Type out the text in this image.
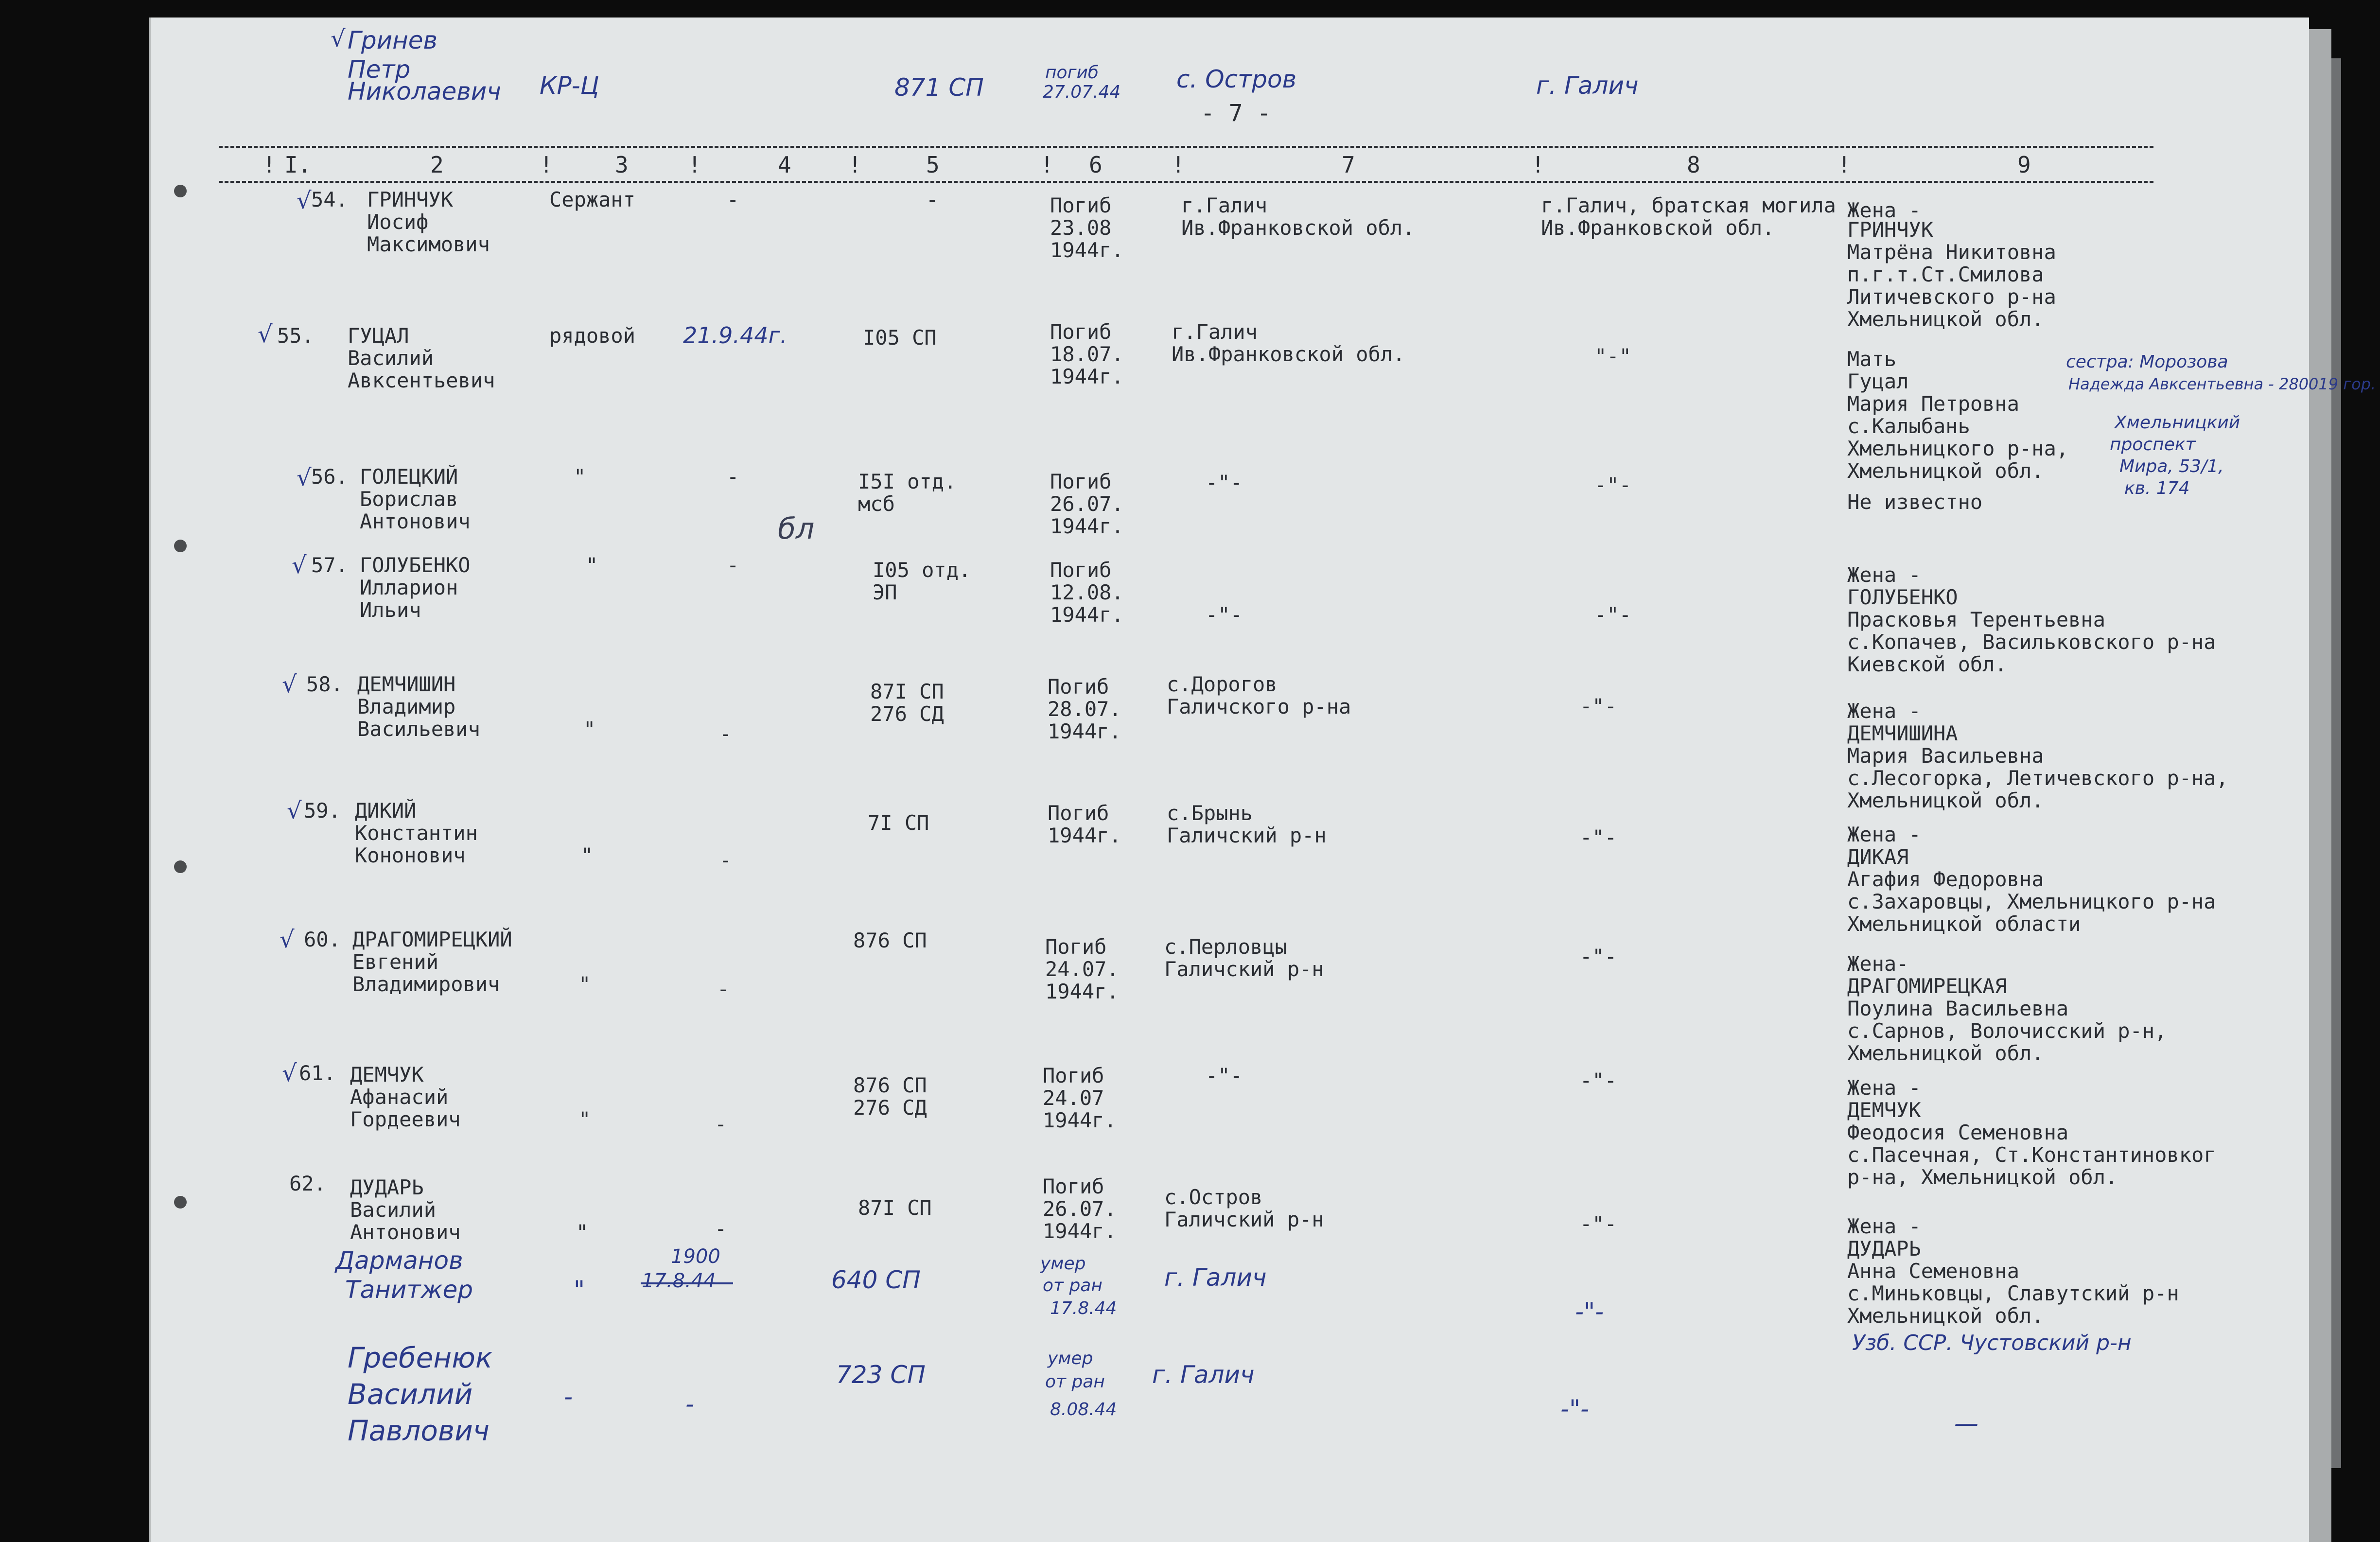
бл
√ Гринев
Петр
Николаевич КР-Ц	871 СП
погиб
27.07.44 с. Остров	г. Галич
- 7 -
! I.	2	!	3	!	4	!	5	! 6	!	7	!	8	!	9
√ 54. ГРИНЧУК
Иосиф
Максимович
Сержант	-	-	Погиб
23.08
1944г.
г.Галич
Ив.Франковской обл.
г.Галич, братская могила
Ив.Франковской обл.
Жена -
ГРИНЧУК
Матрёна Никитовна
п.г.т.Ст.Смилова
Литичевского р-на
Хмельницкой обл.
√ 55. ГУЦАЛ
Василий
Авксентьевич
рядовой 21.9.44г.	I05 СП	Погиб
18.07.
1944г.
г.Галич
Ив.Франковской обл.	"-"	Мать
Гуцал
Мария Петровна
с.Калыбань
Хмельницкого р-на,
Хмельницкой обл.
сестра: Морозова
Надежда Авксентьевна - 280019 гор.
Хмельницкий
проспект
Мира, 53/1,
кв. 174
√ 56. ГОЛЕЦКИЙ
Борислав
Антонович
"	-	I5I отд. мсб
Погиб
26.07.
1944г.
-"-	-"-
Не известно
√ 57. ГОЛУБЕНКО
Илларион
Ильич
"	-	I05 отд. ЭП
Погиб
12.08.
1944г.	-"-	-"-
Жена -
ГОЛУБЕНКО
Прасковья Терентьевна
с.Копачев, Васильковского р-на
Киевской обл.
√ 58. ДЕМЧИШИН
Владимир
Васильевич	"	-
87I СП 276 СД
Погиб
28.07.
1944г.
с.Дорогов
Галичского р-на	-"-	Жена -
ДЕМЧИШИНА
Мария Васильевна
с.Лесогорка, Летичевского р-на,
Хмельницкой обл.
√ 59. ДИКИЙ
Константин
Кононович	"	-
7I СП	Погиб
1944г.
с.Брынь
Галичский р-н	-"-	Жена -
ДИКАЯ
Агафия Федоровна
с.Захаровцы, Хмельницкого р-на
Хмельницкой области
√ 60. ДРАГОМИРЕЦКИЙ
Евгений
Владимирович	"	-
876 СП	Погиб
24.07.
1944г.
с.Перловцы
Галичский р-н
-"-	Жена-
ДРАГОМИРЕЦКАЯ
Поулина Васильевна
с.Сарнов, Волочисский р-н,
Хмельницкой обл.
√ 61. ДЕМЧУК
Афанасий
Гордеевич	"	-
876 СП 276 СД
Погиб
24.07
1944г.
-"-	-"-	Жена -
ДЕМЧУК
Феодосия Семеновна
с.Пасечная, Ст.Константиновког
р-на, Хмельницкой обл.
62. ДУДАРЬ
Василий
Антонович	"	-
87I СП
Погиб
26.07.
1944г.
с.Остров
Галичский р-н	-"-	Жена -
ДУДАРЬ
Анна Семеновна
с.Миньковцы, Славутский р-н
Хмельницкой обл.
Дарманов
Танитжер	"
1900
17.8.44	640 СП
умер
от ран
17.8.44
г. Галич
-"-
Узб. ССР. Чустовский р-н
Гребенюк
Василий
Павлович
-	-
723 СП
умер
от ран
8.08.44
г. Галич
-"-
—
